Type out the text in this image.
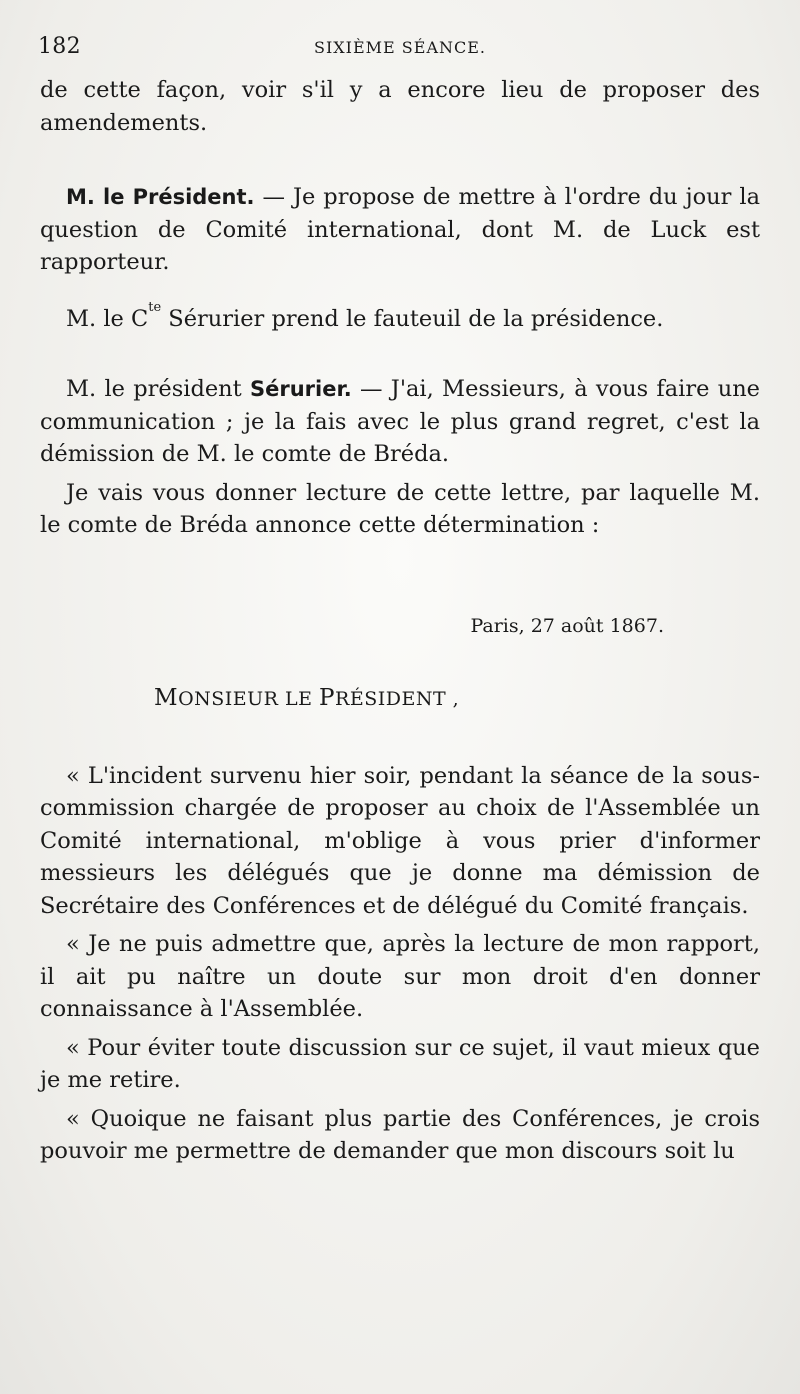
182	SIXIÈME SÉANCE.

de cette façon, voir s'il y a encore lieu de proposer des amendements.

M. le Président. — Je propose de mettre à l'ordre du jour la question de Comité international, dont M. de Luck est rapporteur.

M. le $C^{te}$ Sérurier prend le fauteuil de la présidence.

M. le président Sérurier. — J'ai, Messieurs, à vous faire une communication ; je la fais avec le plus grand regret, c'est la démission de M. le comte de Bréda.

Je vais vous donner lecture de cette lettre, par laquelle M. le comte de Bréda annonce cette détermination :

Paris, 27 août 1867.

MONSIEUR LE PRÉSIDENT ,

« L'incident survenu hier soir, pendant la séance de la sous-commission chargée de proposer au choix de l'Assemblée un Comité international, m'oblige à vous prier d'informer messieurs les délégués que je donne ma démission de Secrétaire des Conférences et de délégué du Comité français.

« Je ne puis admettre que, après la lecture de mon rapport, il ait pu naître un doute sur mon droit d'en donner connaissance à l'Assemblée.

« Pour éviter toute discussion sur ce sujet, il vaut mieux que je me retire.

« Quoique ne faisant plus partie des Conférences, je crois pouvoir me permettre de demander que mon discours soit lu
